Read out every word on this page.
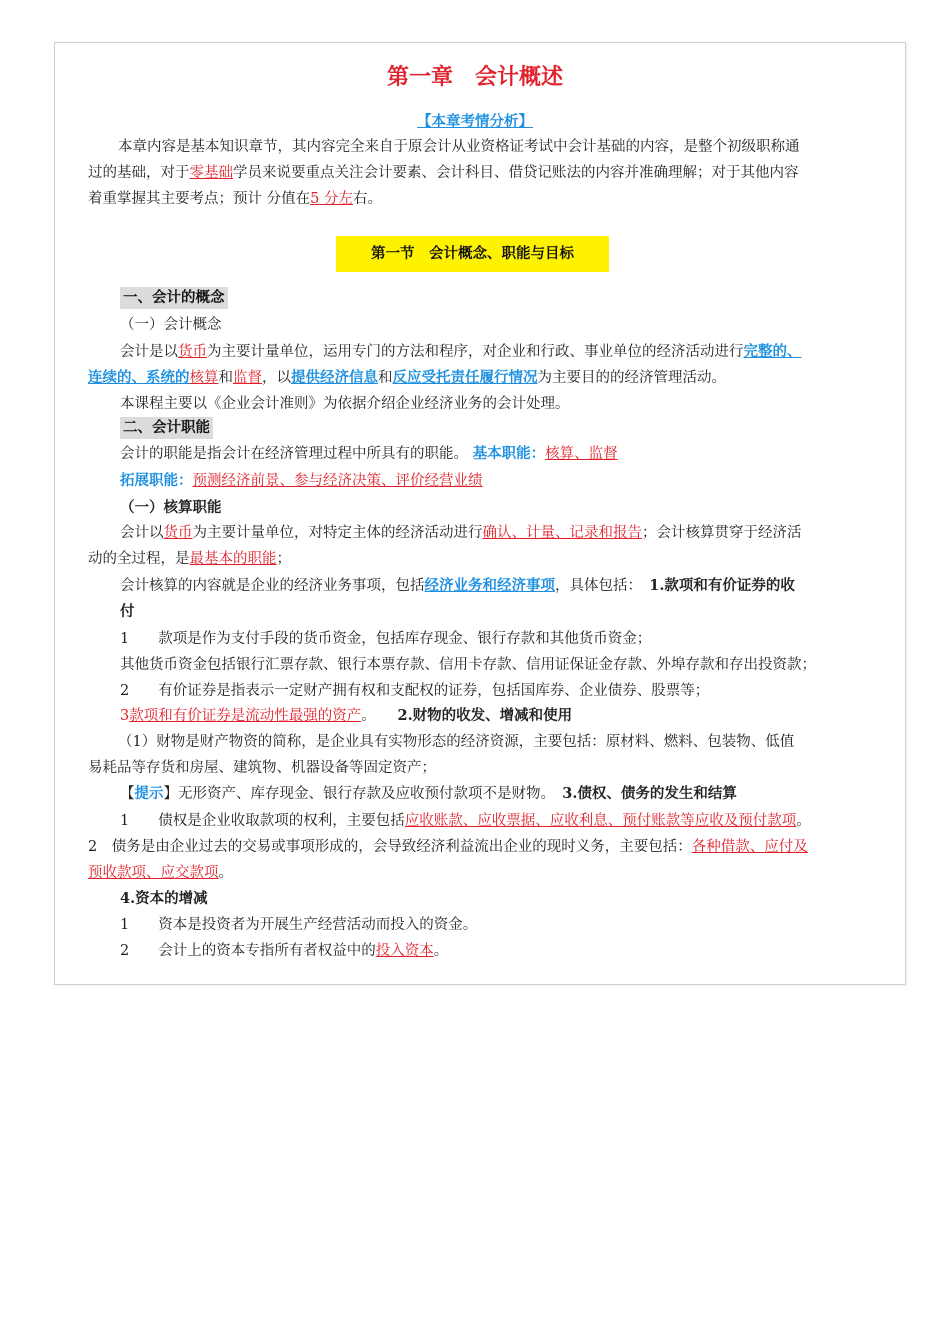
第一章 会计概述
【本章考情分析】
本章内容是基本知识章节，其内容完全来自于原会计从业资格证考试中会计基础的内容，是整个初级职称通
过的基础，对于零基础学员来说要重点关注会计要素、会计科目、借贷记账法的内容并准确理解；对于其他内容
着重掌握其主要考点；预计 分值在5 分左右。
第一节　会计概念、职能与目标
一、会计的概念
（一）会计概念
会计是以货币为主要计量单位，运用专门的方法和程序，对企业和行政、事业单位的经济活动进行完整的、
连续的、系统的核算和监督，以提供经济信息和反应受托责任履行情况为主要目的的经济管理活动。
本课程主要以《企业会计准则》为依据介绍企业经济业务的会计处理。
二、会计职能
会计的职能是指会计在经济管理过程中所具有的职能。 基本职能：核算、监督
拓展职能：预测经济前景、参与经济决策、评价经营业绩
（一）核算职能
会计以货币为主要计量单位，对特定主体的经济活动进行确认、计量、记录和报告；会计核算贯穿于经济活
动的全过程，是最基本的职能；
会计核算的内容就是企业的经济业务事项，包括经济业务和经济事项，具体包括：　 1.款项和有价证券的收
付
1　　 款项是作为支付手段的货币资金，包括库存现金、银行存款和其他货币资金；
其他货币资金包括银行汇票存款、银行本票存款、信用卡存款、信用证保证金存款、外埠存款和存出投资款；
2　　 有价证券是指表示一定财产拥有权和支配权的证券，包括国库券、企业债券、股票等；
3款项和有价证券是流动性最强的资产。　　 2.财物的收发、增减和使用
（1）财物是财产物资的简称，是企业具有实物形态的经济资源，主要包括：原材料、燃料、包装物、低值
易耗品等存货和房屋、建筑物、机器设备等固定资产；
【提示】无形资产、库存现金、银行存款及应收预付款项不是财物。　 3.债权、债务的发生和结算
1　　 债权是企业收取款项的权利，主要包括应收账款、应收票据、应收利息、预付账款等应收及预付款项。
2　 债务是由企业过去的交易或事项形成的，会导致经济利益流出企业的现时义务，主要包括：各种借款、应付及
预收款项、应交款项。
4.资本的增减
1　　 资本是投资者为开展生产经营活动而投入的资金。
2　　 会计上的资本专指所有者权益中的投入资本。
